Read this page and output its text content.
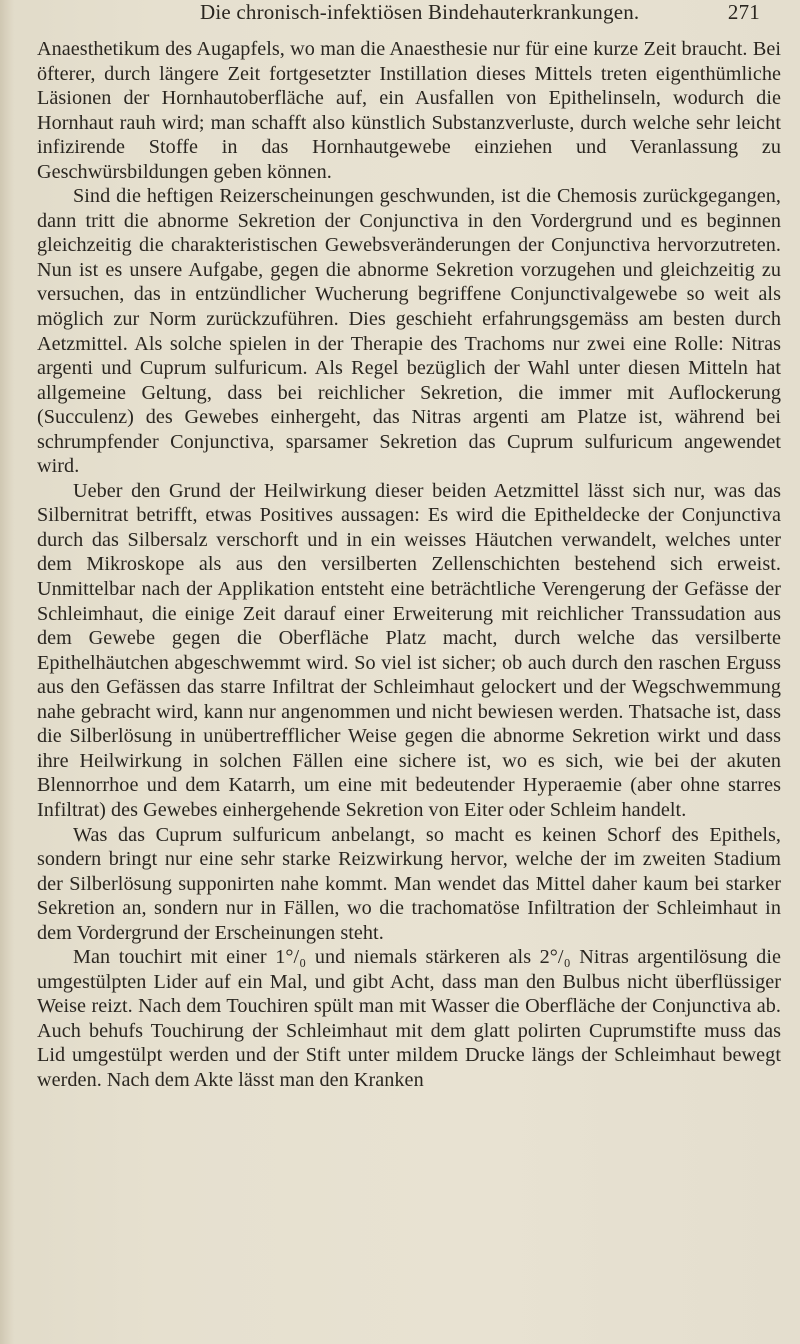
Die chronisch-infektiösen Bindehauterkrankungen.	271

Anaesthetikum des Augapfels, wo man die Anaesthesie nur für eine kurze Zeit braucht. Bei öfterer, durch längere Zeit fortgesetzter Instillation dieses Mittels treten eigenthümliche Läsionen der Hornhautoberfläche auf, ein Ausfallen von Epithelinseln, wodurch die Hornhaut rauh wird; man schafft also künstlich Substanzverluste, durch welche sehr leicht infizirende Stoffe in das Hornhautgewebe einziehen und Veranlassung zu Geschwürsbildungen geben können.

Sind die heftigen Reizerscheinungen geschwunden, ist die Chemosis zurückgegangen, dann tritt die abnorme Sekretion der Conjunctiva in den Vordergrund und es beginnen gleichzeitig die charakteristischen Gewebsveränderungen der Conjunctiva hervorzutreten. Nun ist es unsere Aufgabe, gegen die abnorme Sekretion vorzugehen und gleichzeitig zu versuchen, das in entzündlicher Wucherung begriffene Conjunctivalgewebe so weit als möglich zur Norm zurückzuführen. Dies geschieht erfahrungsgemäss am besten durch Aetzmittel. Als solche spielen in der Therapie des Trachoms nur zwei eine Rolle: Nitras argenti und Cuprum sulfuricum. Als Regel bezüglich der Wahl unter diesen Mitteln hat allgemeine Geltung, dass bei reichlicher Sekretion, die immer mit Auflockerung (Succulenz) des Gewebes einhergeht, das Nitras argenti am Platze ist, während bei schrumpfender Conjunctiva, sparsamer Sekretion das Cuprum sulfuricum angewendet wird.

Ueber den Grund der Heilwirkung dieser beiden Aetzmittel lässt sich nur, was das Silbernitrat betrifft, etwas Positives aussagen: Es wird die Epitheldecke der Conjunctiva durch das Silbersalz verschorft und in ein weisses Häutchen verwandelt, welches unter dem Mikroskope als aus den versilberten Zellenschichten bestehend sich erweist. Unmittelbar nach der Applikation entsteht eine beträchtliche Verengerung der Gefässe der Schleimhaut, die einige Zeit darauf einer Erweiterung mit reichlicher Transsudation aus dem Gewebe gegen die Oberfläche Platz macht, durch welche das versilberte Epithelhäutchen abgeschwemmt wird. So viel ist sicher; ob auch durch den raschen Erguss aus den Gefässen das starre Infiltrat der Schleimhaut gelockert und der Wegschwemmung nahe gebracht wird, kann nur angenommen und nicht bewiesen werden. Thatsache ist, dass die Silberlösung in unübertrefflicher Weise gegen die abnorme Sekretion wirkt und dass ihre Heilwirkung in solchen Fällen eine sichere ist, wo es sich, wie bei der akuten Blennorrhoe und dem Katarrh, um eine mit bedeutender Hyperaemie (aber ohne starres Infiltrat) des Gewebes einhergehende Sekretion von Eiter oder Schleim handelt.

Was das Cuprum sulfuricum anbelangt, so macht es keinen Schorf des Epithels, sondern bringt nur eine sehr starke Reizwirkung hervor, welche der im zweiten Stadium der Silberlösung supponirten nahe kommt. Man wendet das Mittel daher kaum bei starker Sekretion an, sondern nur in Fällen, wo die trachomatöse Infiltration der Schleimhaut in dem Vordergrund der Erscheinungen steht.

Man touchirt mit einer 1°/₀ und niemals stärkeren als 2°/₀ Nitras argentilösung die umgestülpten Lider auf ein Mal, und gibt Acht, dass man den Bulbus nicht überflüssiger Weise reizt. Nach dem Touchiren spült man mit Wasser die Oberfläche der Conjunctiva ab. Auch behufs Touchirung der Schleimhaut mit dem glatt polirten Cuprumstifte muss das Lid umgestülpt werden und der Stift unter mildem Drucke längs der Schleimhaut bewegt werden. Nach dem Akte lässt man den Kranken
